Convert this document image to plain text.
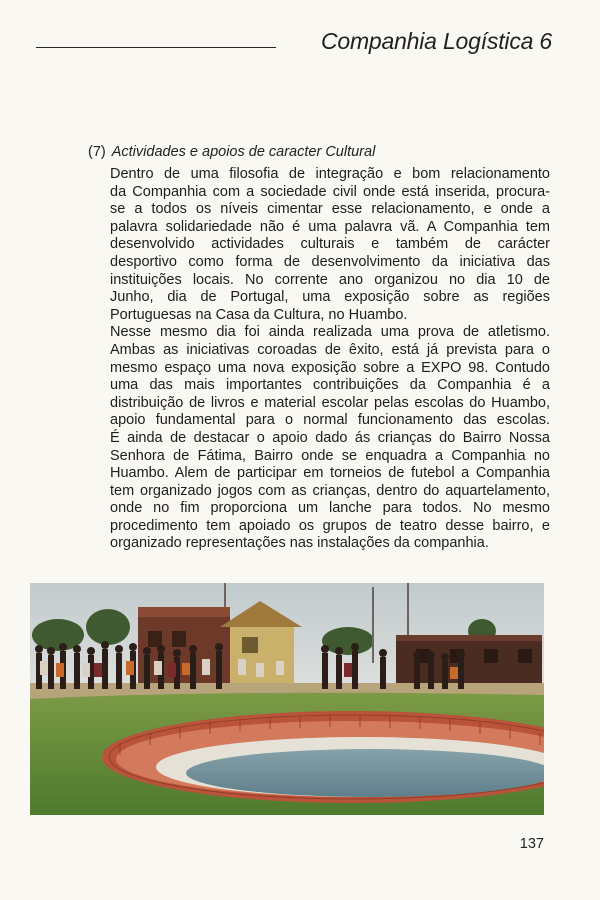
Companhia Logística 6
(7) Actividades e apoios de caracter Cultural

Dentro de uma filosofia de integração e bom relacionamento
da Companhia com a sociedade civil onde está inserida, procura-
se a todos os níveis cimentar esse relacionamento, e onde a
palavra solidariedade não é uma palavra vã. A Companhia tem
desenvolvido actividades culturais e também de carácter
desportivo como forma de desenvolvimento da iniciativa das
instituições locais. No corrente ano organizou no dia 10 de
Junho, dia de Portugal, uma exposição sobre as regiões
Portuguesas na Casa da Cultura, no Huambo.
Nesse mesmo dia foi ainda realizada uma prova de atletismo.
Ambas as iniciativas coroadas de êxito, está já prevista para o
mesmo espaço uma nova exposição sobre a EXPO 98. Contudo
uma das mais importantes contribuições da Companhia é a
distribuição de livros e material escolar pelas escolas do Huambo,
apoio fundamental para o normal funcionamento das escolas.
É ainda de destacar o apoio dado ás crianças do Bairro Nossa
Senhora de Fátima, Bairro onde se enquadra a Companhia no
Huambo. Alem de participar em torneios de futebol a Companhia
tem organizado jogos com as crianças, dentro do aquartelamento,
onde no fim proporciona um lanche para todos. No mesmo
procedimento tem apoiado os grupos de teatro desse bairro, e
organizado representações nas instalações da companhia.

137
